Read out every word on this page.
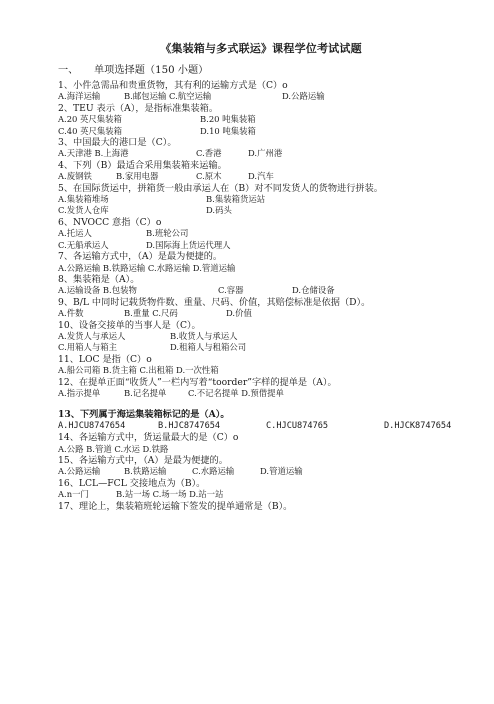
《集装箱与多式联运》课程学位考试试题

一、 单项选择题（150 小题）

1、小件急需品和贵重货物，其有利的运输方式是（C）o

A.海洋运输	B.邮包运输 C.航空运输	D.公路运输

2、TEU 表示（A），是指标准集装箱。

A.20 英尺集装箱	B.20 吨集装箱
C.40 英尺集装箱	D.10 吨集装箱

3、中国最大的港口是（C）。

A.天津港 B.上海港	C.香港	D.广州港

4、下列（B）最适合采用集装箱来运输。

A.废钢铁	B.家用电器	C.原木	D.汽车

5、在国际货运中，拼箱货一般由承运人在（B）对不同发货人的货物进行拼装。

A.集装箱堆场	B.集装箱货运站
C.发货人仓库	D.码头

6、NVOCC 意指（C）o

A.托运人	B.班轮公司
C.无船承运人	D.国际海上货运代理人

7、各运输方式中，（A）是最为便捷的。

A.公路运输 B.铁路运输 C.水路运输 D.管道运输

8、集装箱是（A）。

A.运输设备 B.包装物	C.容器	D.仓储设备

9、B/L 中同时记载货物件数、重量、尺码、价值，其赔偿标准是依据（D）。

A.件数	B.重量 C.尺码	D.价值

10、设备交接单的当事人是（C）。

A.发货人与承运人	B.收货人与承运人
C.用箱人与箱主	D.租箱人与租箱公司

11、LOC 是指（C）o

A.船公司箱 B.货主箱 C.出租箱 D.一次性箱

12、在提单正面“收货人”一栏内写着“toorder”字样的提单是（A）。

A.指示提单	B.记名提单	C.不记名提单 D.预借提单

13、下列属于海运集装箱标记的是（A）。

A.HJCU8747654	B.HJC8747654	C.HJCU874765	D.HJCK8747654

14、各运输方式中，货运量最大的是（C）o

A.公路 B.管道 C.水运 D.铁路

15、各运输方式中，（A）是最为便捷的。

A.公路运输	B.铁路运输	C.水路运输	D.管道运输

16、LCL—FCL 交接地点为（B）。

A.n一门	B.站一场 C.场一场 D.站一站

17、理论上，集装箱班轮运输下签发的提单通常是（B）。
